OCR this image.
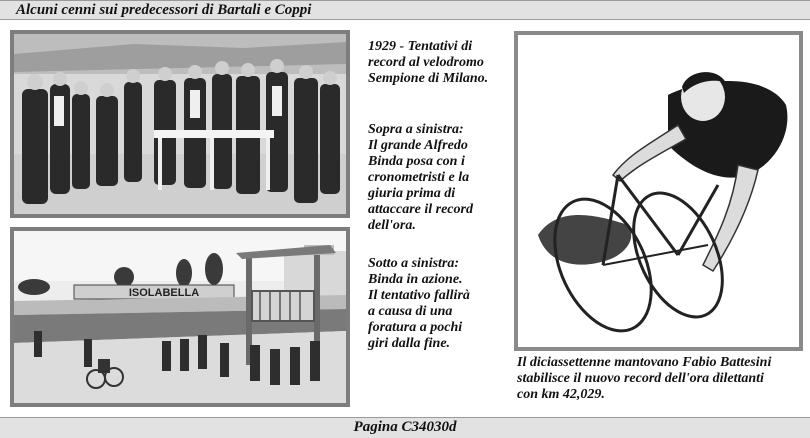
Alcuni cenni sui predecessori di Bartali e Coppi
ISOLABELLA
1929 - Tentativi di
record al velodromo
Sempione di Milano.
Sopra a sinistra:
Il grande Alfredo
Binda posa con i
cronometristi e la
giuria prima di
attaccare il record
dell'ora.
Sotto a sinistra:
Binda in azione.
Il tentativo fallirà
a causa di una
foratura a pochi
giri dalla fine.
Il diciassettenne mantovano Fabio Battesini
stabilisce il nuovo record dell'ora dilettanti
con km 42,029.
Pagina C34030d
